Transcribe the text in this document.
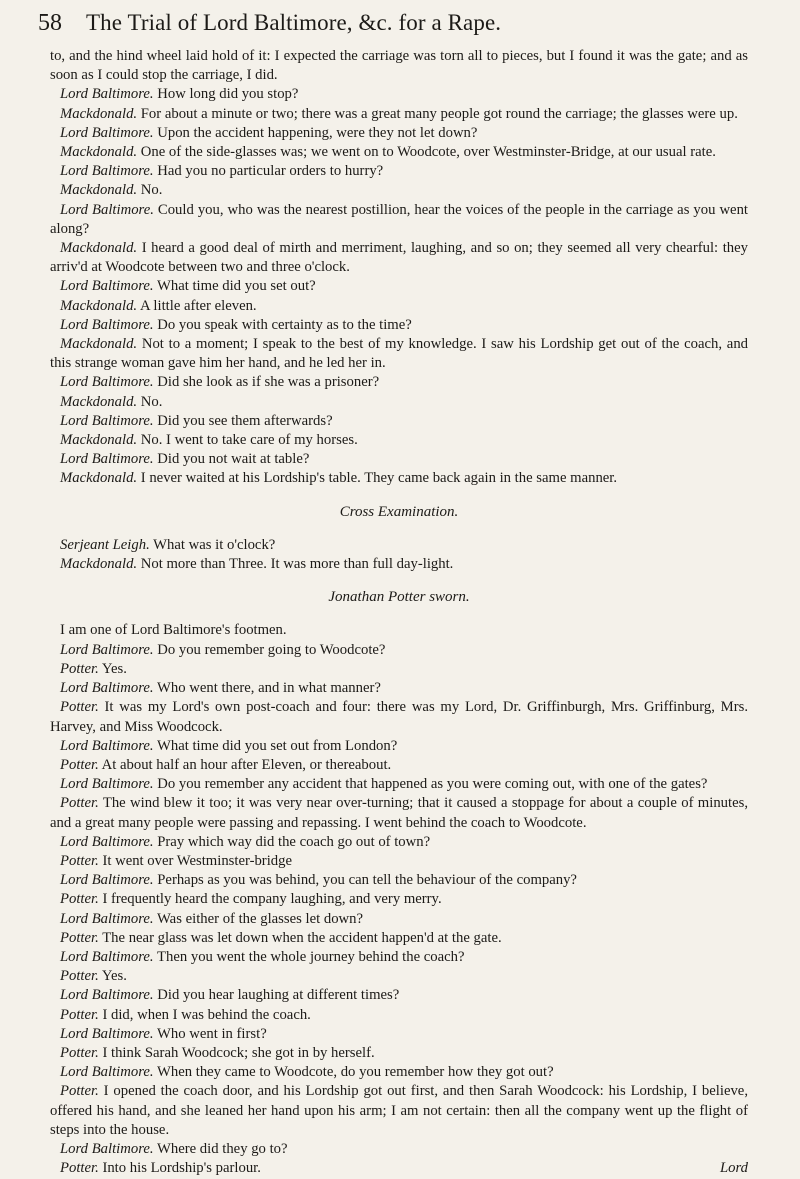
58 The Trial of Lord Baltimore, &c. for a Rape.

to, and the hind wheel laid hold of it: I expected the carriage was torn all to pieces, but I found it was the gate; and as soon as I could stop the carriage, I did.

Lord Baltimore. How long did you stop?

Mackdonald. For about a minute or two; there was a great many people got round the carriage; the glasses were up.

Lord Baltimore. Upon the accident happening, were they not let down?

Mackdonald. One of the side-glasses was; we went on to Woodcote, over Westminster-Bridge, at our usual rate.

Lord Baltimore. Had you no particular orders to hurry?

Mackdonald. No.

Lord Baltimore. Could you, who was the nearest postillion, hear the voices of the people in the carriage as you went along?

Mackdonald. I heard a good deal of mirth and merriment, laughing, and so on; they seemed all very chearful: they arriv'd at Woodcote between two and three o'clock.

Lord Baltimore. What time did you set out?

Mackdonald. A little after eleven.

Lord Baltimore. Do you speak with certainty as to the time?

Mackdonald. Not to a moment; I speak to the best of my knowledge. I saw his Lordship get out of the coach, and this strange woman gave him her hand, and he led her in.

Lord Baltimore. Did she look as if she was a prisoner?

Mackdonald. No.

Lord Baltimore. Did you see them afterwards?

Mackdonald. No. I went to take care of my horses.

Lord Baltimore. Did you not wait at table?

Mackdonald. I never waited at his Lordship's table. They came back again in the same manner.

Cross Examination.

Serjeant Leigh. What was it o'clock?

Mackdonald. Not more than Three. It was more than full day-light.

Jonathan Potter sworn.

I am one of Lord Baltimore's footmen.

Lord Baltimore. Do you remember going to Woodcote?

Potter. Yes.

Lord Baltimore. Who went there, and in what manner?

Potter. It was my Lord's own post-coach and four: there was my Lord, Dr. Griffinburgh, Mrs. Griffinburg, Mrs. Harvey, and Miss Woodcock.

Lord Baltimore. What time did you set out from London?

Potter. At about half an hour after Eleven, or thereabout.

Lord Baltimore. Do you remember any accident that happened as you were coming out, with one of the gates?

Potter. The wind blew it too; it was very near over-turning; that it caused a stoppage for about a couple of minutes, and a great many people were passing and repassing. I went behind the coach to Woodcote.

Lord Baltimore. Pray which way did the coach go out of town?

Potter. It went over Westminster-bridge

Lord Baltimore. Perhaps as you was behind, you can tell the behaviour of the company?

Potter. I frequently heard the company laughing, and very merry.

Lord Baltimore. Was either of the glasses let down?

Potter. The near glass was let down when the accident happen'd at the gate.

Lord Baltimore. Then you went the whole journey behind the coach?

Potter. Yes.

Lord Baltimore. Did you hear laughing at different times?

Potter. I did, when I was behind the coach.

Lord Baltimore. Who went in first?

Potter. I think Sarah Woodcock; she got in by herself.

Lord Baltimore. When they came to Woodcote, do you remember how they got out?

Potter. I opened the coach door, and his Lordship got out first, and then Sarah Woodcock: his Lordship, I believe, offered his hand, and she leaned her hand upon his arm; I am not certain: then all the company went up the flight of steps into the house.

Lord Baltimore. Where did they go to?

Potter. Into his Lordship's parlour.	Lord
